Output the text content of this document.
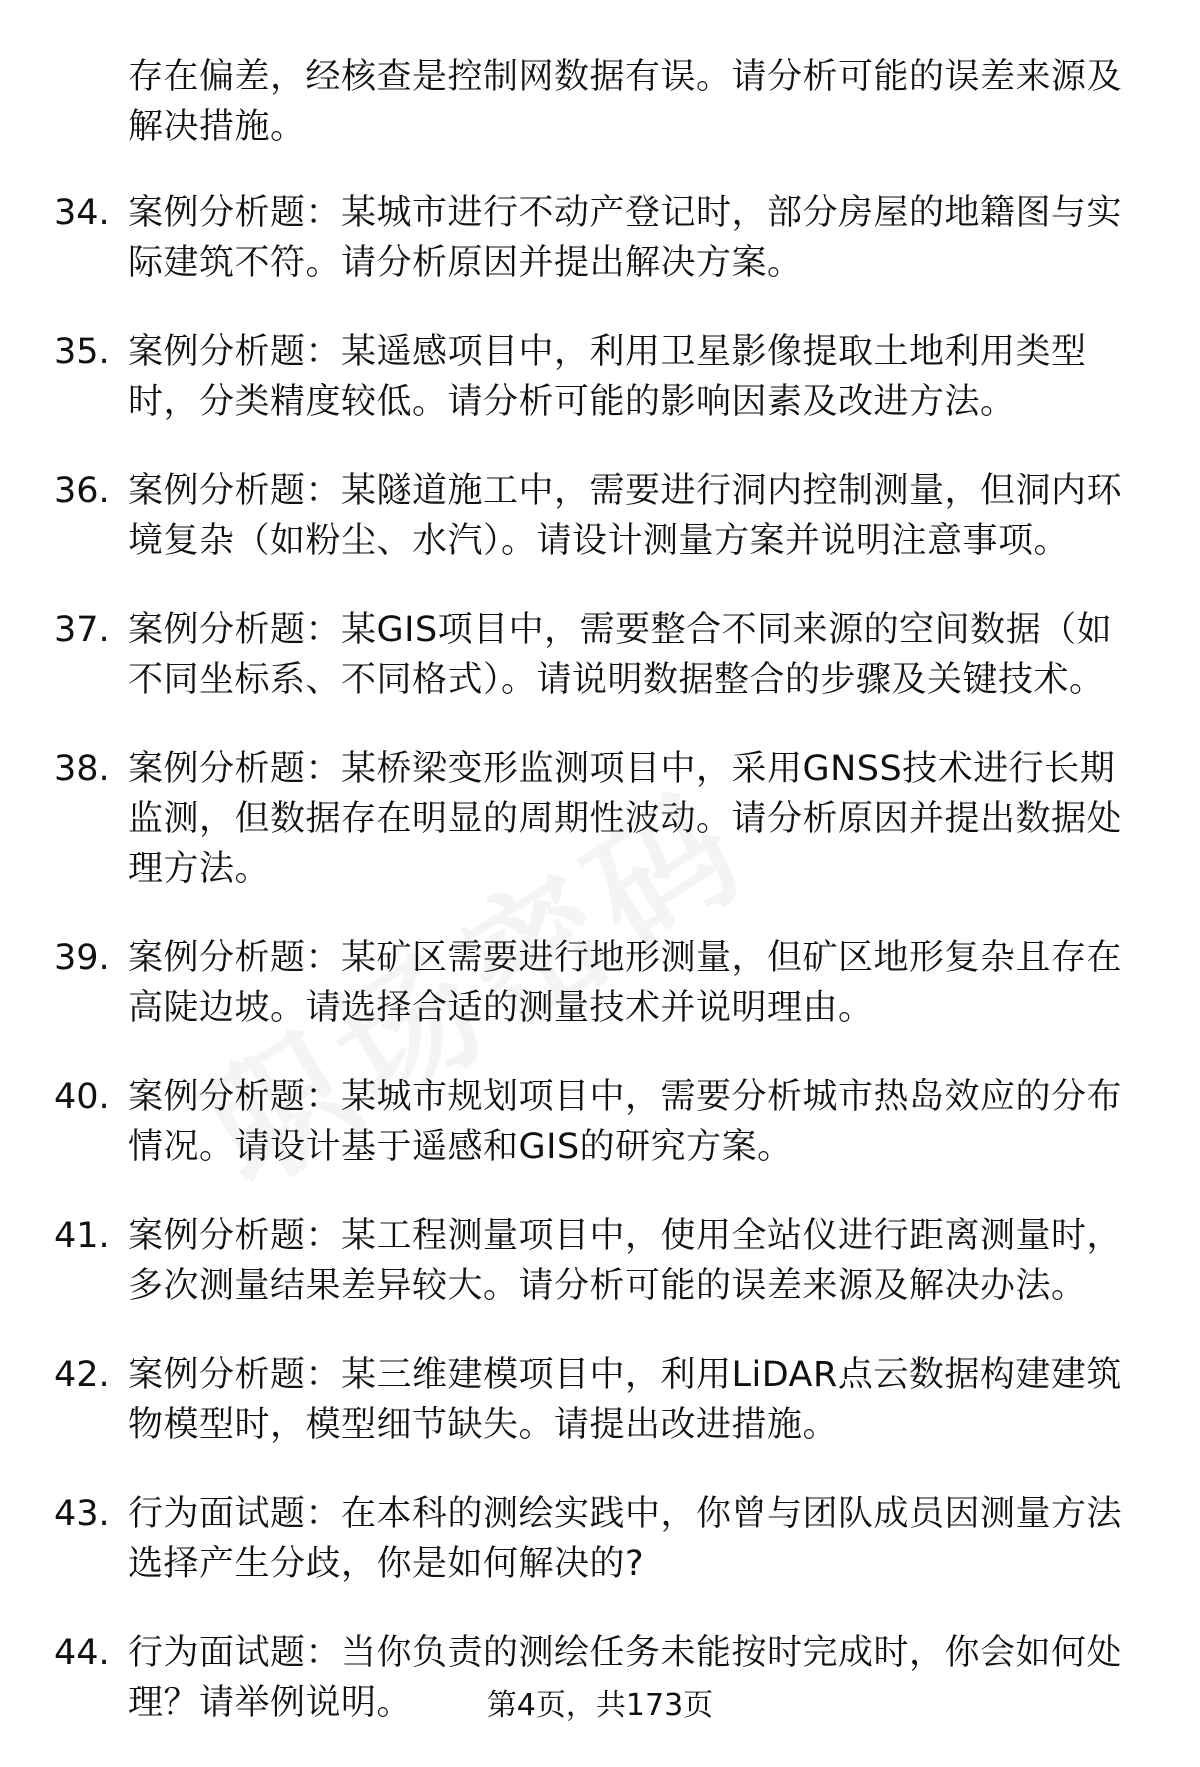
存在偏差，经核查是控制网数据有误。请分析可能的误差来源及解决措施。

34. 案例分析题：某城市进行不动产登记时，部分房屋的地籍图与实际建筑不符。请分析原因并提出解决方案。
35. 案例分析题：某遥感项目中，利用卫星影像提取土地利用类型时，分类精度较低。请分析可能的影响因素及改进方法。
36. 案例分析题：某隧道施工中，需要进行洞内控制测量，但洞内环境复杂（如粉尘、水汽）。请设计测量方案并说明注意事项。
37. 案例分析题：某GIS项目中，需要整合不同来源的空间数据（如不同坐标系、不同格式）。请说明数据整合的步骤及关键技术。
38. 案例分析题：某桥梁变形监测项目中，采用GNSS技术进行长期监测，但数据存在明显的周期性波动。请分析原因并提出数据处理方法。
39. 案例分析题：某矿区需要进行地形测量，但矿区地形复杂且存在高陡边坡。请选择合适的测量技术并说明理由。
40. 案例分析题：某城市规划项目中，需要分析城市热岛效应的分布情况。请设计基于遥感和GIS的研究方案。
41. 案例分析题：某工程测量项目中，使用全站仪进行距离测量时，多次测量结果差异较大。请分析可能的误差来源及解决办法。
42. 案例分析题：某三维建模项目中，利用LiDAR点云数据构建建筑物模型时，模型细节缺失。请提出改进措施。
43. 行为面试题：在本科的测绘实践中，你曾与团队成员因测量方法选择产生分歧，你是如何解决的?
44. 行为面试题：当你负责的测绘任务未能按时完成时，你会如何处理？请举例说明。	第4页，共173页
